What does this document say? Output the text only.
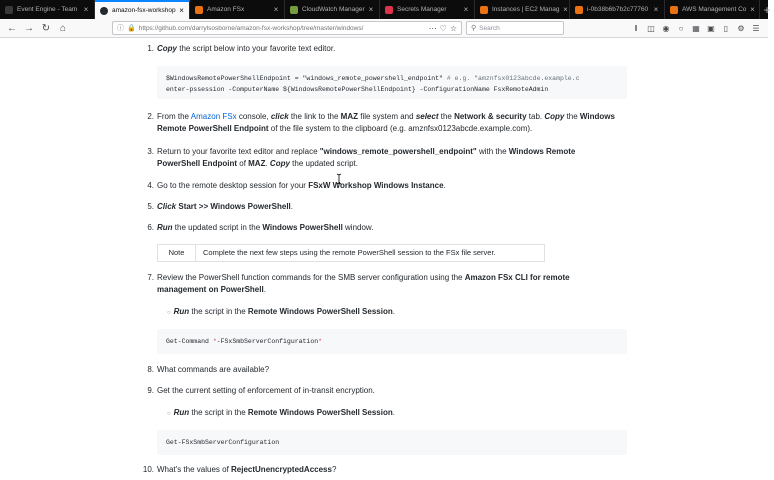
Event Engine - Team ×	amazon-fsx-workshop ×	Amazon FSx	×	CloudWatch Manager ×	Secrets Manager	×	Instances | EC2 Manag ×	i-0b38b6b7b2c77760 ×	AWS Management Co × +
← → ↻ ⌂	ⓘ 🔒 https://github.com/darrylsosborne/amazon-fsx-workshop/tree/master/windows/	⋯ ♡ ☆ ⚲ Search	‖	◫ ◉	○	▦ ▣	▯	⚙ ☰
1. Copy the script below into your favorite text editor.
$WindowsRemotePowerShellEndpoint = "windows_remote_powershell_endpoint" # e.g. "amznfsx0123abcde.example.c
enter-pssession -ComputerName ${WindowsRemotePowerShellEndpoint} -ConfigurationName FsxRemoteAdmin
2. From the Amazon FSx console, click the link to the MAZ file system and select the Network & security tab. Copy the Windows Remote PowerShell Endpoint of the file system to the clipboard (e.g. amznfsx0123abcde.example.com).
3. Return to your favorite text editor and replace "windows_remote_powershell_endpoint" with the Windows Remote PowerShell Endpoint of MAZ. Copy the updated script.
4. Go to the remote desktop session for your FSxW Workshop Windows Instance.
5. Click Start >> Windows PowerShell.
6. Run the updated script in the Windows PowerShell window.
Note	Complete the next few steps using the remote PowerShell session to the FSx file server.
7. Review the PowerShell function commands for the SMB server configuration using the Amazon FSx CLI for remote management on PowerShell.
○ Run the script in the Remote Windows PowerShell Session.
Get-Command *-FSxSmbServerConfiguration*
8. What commands are available?
9. Get the current setting of enforcement of in-transit encryption.
○ Run the script in the Remote Windows PowerShell Session.
Get-FSxSmbServerConfiguration
10. What's the values of RejectUnencryptedAccess?
